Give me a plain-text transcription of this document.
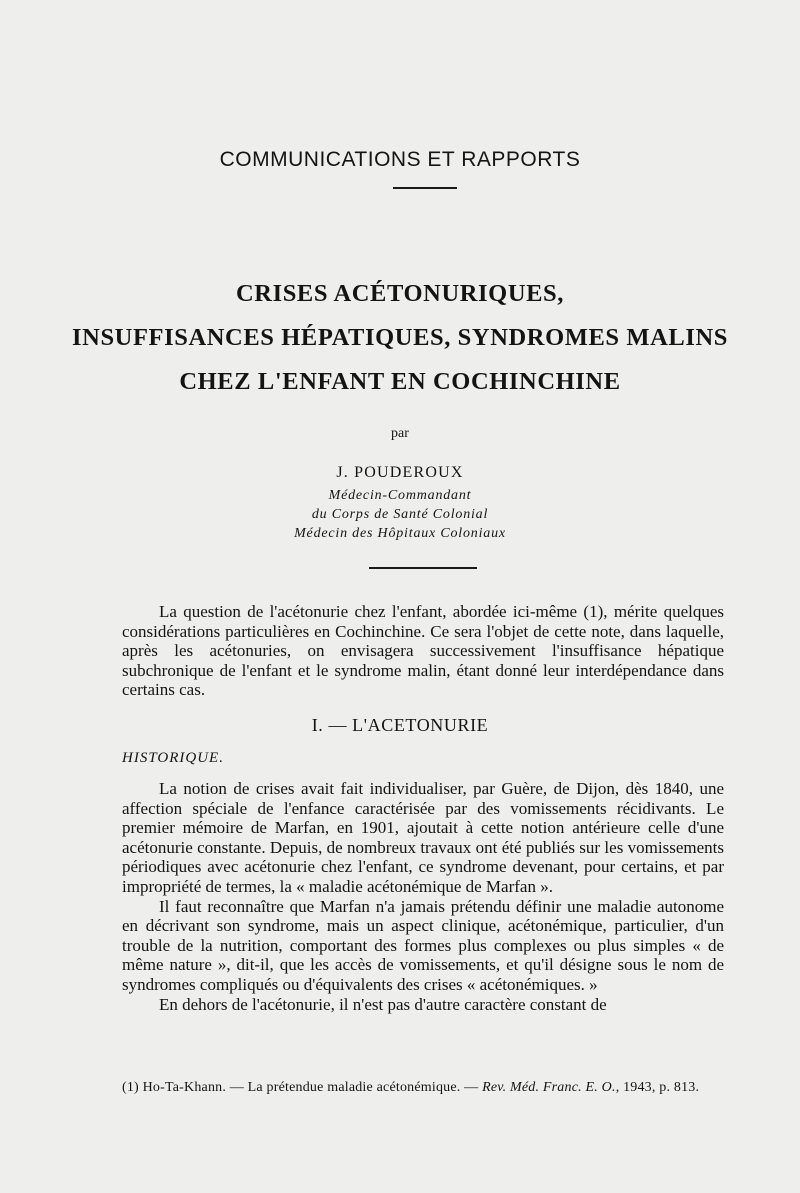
COMMUNICATIONS ET RAPPORTS
CRISES ACÉTONURIQUES,
INSUFFISANCES HÉPATIQUES, SYNDROMES MALINS
CHEZ L'ENFANT EN COCHINCHINE
par
J. POUDEROUX
Médecin-Commandant
du Corps de Santé Colonial
Médecin des Hôpitaux Coloniaux

La question de l'acétonurie chez l'enfant, abordée ici-même (1), mérite quelques considérations particulières en Cochinchine. Ce sera l'objet de cette note, dans laquelle, après les acétonuries, on envisagera successivement l'insuffisance hépatique subchronique de l'enfant et le syndrome malin, étant donné leur interdépendance dans certains cas.

I. — L'ACETONURIE
HISTORIQUE.

La notion de crises avait fait individualiser, par Guère, de Dijon, dès 1840, une affection spéciale de l'enfance caractérisée par des vomissements récidivants. Le premier mémoire de Marfan, en 1901, ajoutait à cette notion antérieure celle d'une acétonurie constante. Depuis, de nombreux travaux ont été publiés sur les vomissements périodiques avec acétonurie chez l'enfant, ce syndrome devenant, pour certains, et par impropriété de termes, la « maladie acétonémique de Marfan ».

Il faut reconnaître que Marfan n'a jamais prétendu définir une maladie autonome en décrivant son syndrome, mais un aspect clinique, acétonémique, particulier, d'un trouble de la nutrition, comportant des formes plus complexes ou plus simples « de même nature », dit-il, que les accès de vomissements, et qu'il désigne sous le nom de syndromes compliqués ou d'équivalents des crises « acétonémiques. »

En dehors de l'acétonurie, il n'est pas d'autre caractère constant de

(1) Ho-Ta-Khann. — La prétendue maladie acétonémique. — Rev. Méd. Franc. E. O., 1943, p. 813.
